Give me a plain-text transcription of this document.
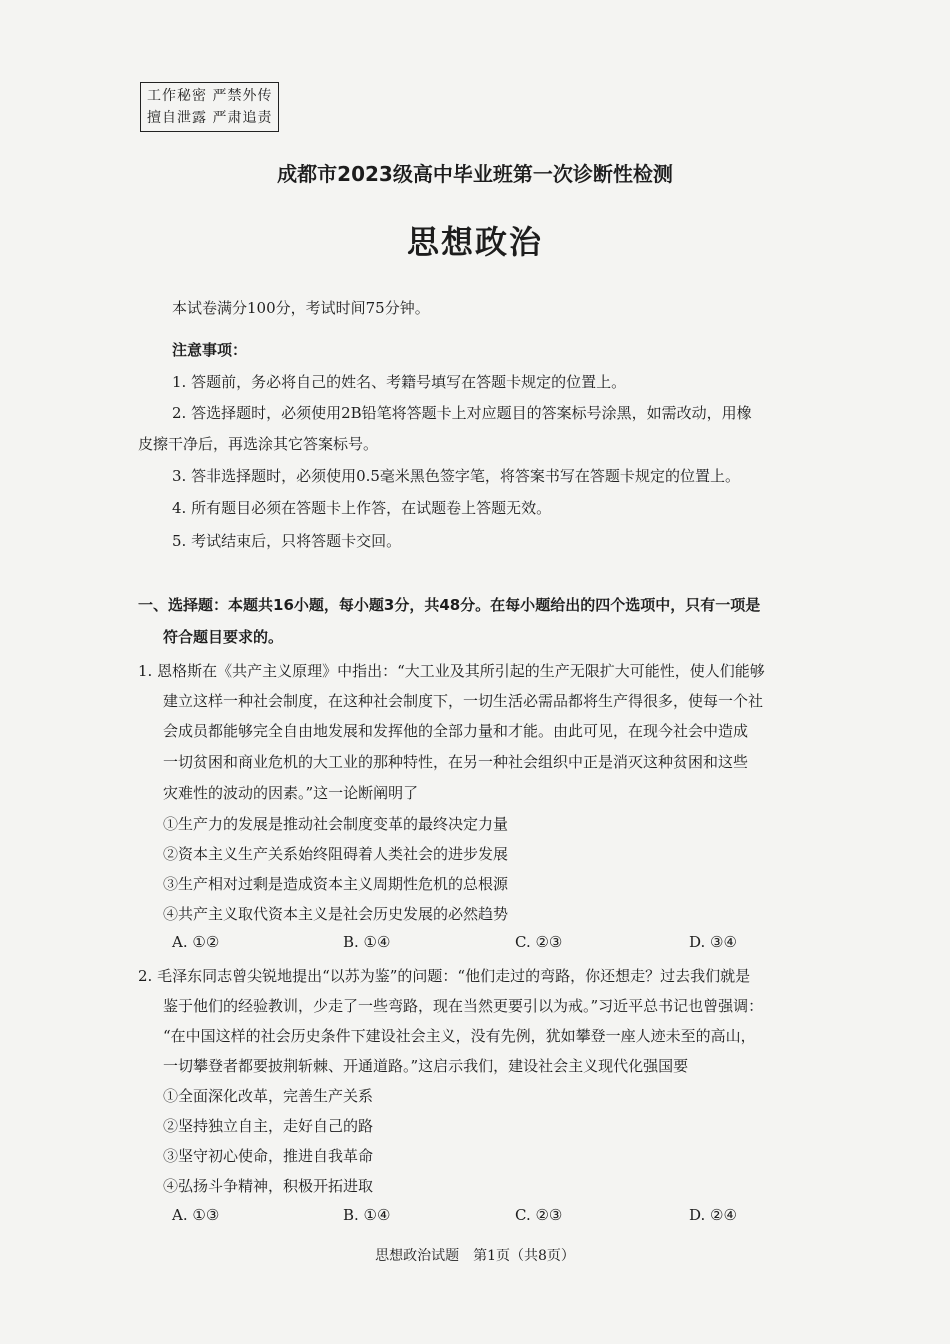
工作秘密 严禁外传
擅自泄露 严肃追责
成都市2023级高中毕业班第一次诊断性检测
思想政治
本试卷满分100分，考试时间75分钟。
注意事项：
1. 答题前，务必将自己的姓名、考籍号填写在答题卡规定的位置上。
2. 答选择题时，必须使用2B铅笔将答题卡上对应题目的答案标号涂黑，如需改动，用橡
皮擦干净后，再选涂其它答案标号。
3. 答非选择题时，必须使用0.5毫米黑色签字笔，将答案书写在答题卡规定的位置上。
4. 所有题目必须在答题卡上作答，在试题卷上答题无效。
5. 考试结束后，只将答题卡交回。
一、选择题：本题共16小题，每小题3分，共48分。在每小题给出的四个选项中，只有一项是
符合题目要求的。
1. 恩格斯在《共产主义原理》中指出：“大工业及其所引起的生产无限扩大可能性，使人们能够
建立这样一种社会制度，在这种社会制度下，一切生活必需品都将生产得很多，使每一个社
会成员都能够完全自由地发展和发挥他的全部力量和才能。由此可见，在现今社会中造成
一切贫困和商业危机的大工业的那种特性，在另一种社会组织中正是消灭这种贫困和这些
灾难性的波动的因素。”这一论断阐明了
①生产力的发展是推动社会制度变革的最终决定力量
②资本主义生产关系始终阻碍着人类社会的进步发展
③生产相对过剩是造成资本主义周期性危机的总根源
④共产主义取代资本主义是社会历史发展的必然趋势
A. ①②	B. ①④	C. ②③	D. ③④
2. 毛泽东同志曾尖锐地提出“以苏为鉴”的问题：“他们走过的弯路，你还想走？过去我们就是
鉴于他们的经验教训，少走了一些弯路，现在当然更要引以为戒。”习近平总书记也曾强调：
“在中国这样的社会历史条件下建设社会主义，没有先例，犹如攀登一座人迹未至的高山，
一切攀登者都要披荆斩棘、开通道路。”这启示我们，建设社会主义现代化强国要
①全面深化改革，完善生产关系
②坚持独立自主，走好自己的路
③坚守初心使命，推进自我革命
④弘扬斗争精神，积极开拓进取
A. ①③	B. ①④	C. ②③	D. ②④
思想政治试题　第1页（共8页）
